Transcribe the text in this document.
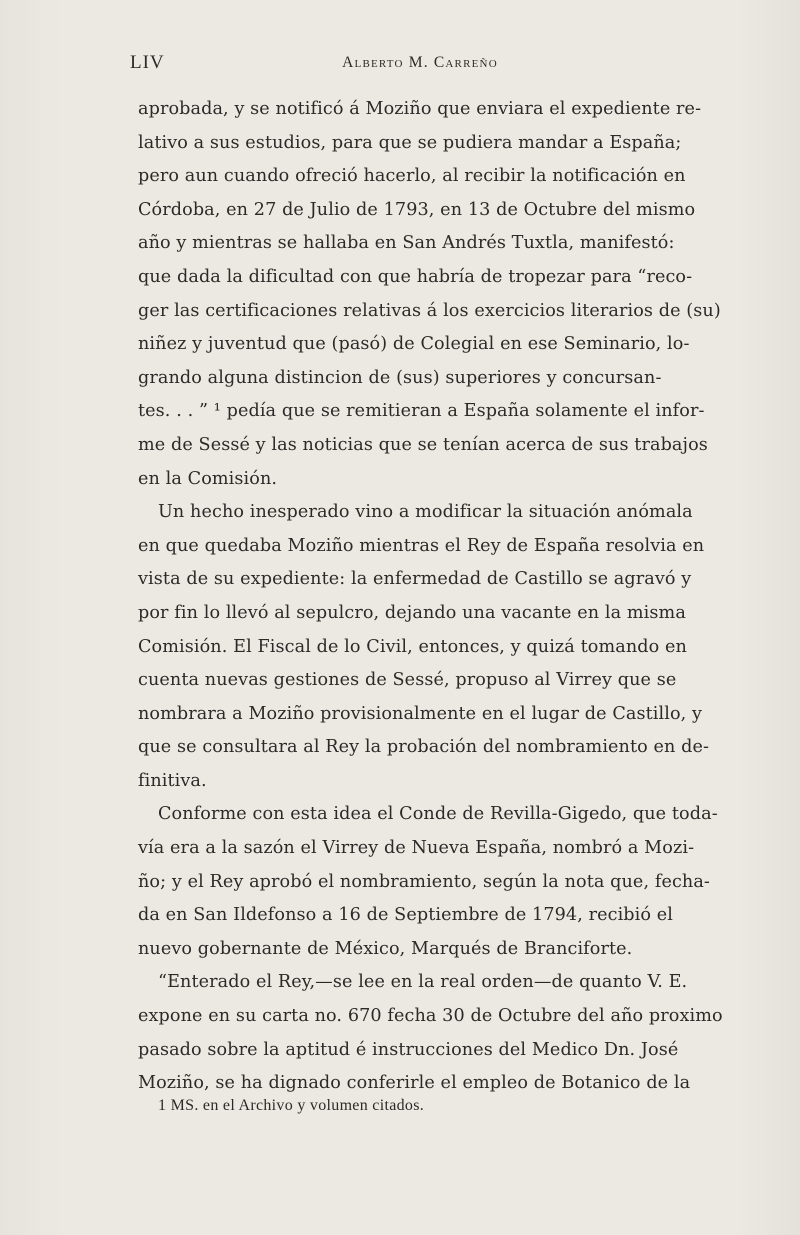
LIV	Alberto M. Carreño
aprobada, y se notificó á Moziño que enviara el expediente re-
lativo a sus estudios, para que se pudiera mandar a España;
pero aun cuando ofreció hacerlo, al recibir la notificación en
Córdoba, en 27 de Julio de 1793, en 13 de Octubre del mismo
año y mientras se hallaba en San Andrés Tuxtla, manifestó:
que dada la dificultad con que habría de tropezar para “reco-
ger las certificaciones relativas á los exercicios literarios de (su)
niñez y juventud que (pasó) de Colegial en ese Seminario, lo-
grando alguna distincion de (sus) superiores y concursan-
tes. . . ” ¹ pedía que se remitieran a España solamente el infor-
me de Sessé y las noticias que se tenían acerca de sus trabajos
en la Comisión.
Un hecho inesperado vino a modificar la situación anómala
en que quedaba Moziño mientras el Rey de España resolvia en
vista de su expediente: la enfermedad de Castillo se agravó y
por fin lo llevó al sepulcro, dejando una vacante en la misma
Comisión. El Fiscal de lo Civil, entonces, y quizá tomando en
cuenta nuevas gestiones de Sessé, propuso al Virrey que se
nombrara a Moziño provisionalmente en el lugar de Castillo, y
que se consultara al Rey la probación del nombramiento en de-
finitiva.
Conforme con esta idea el Conde de Revilla-Gigedo, que toda-
vía era a la sazón el Virrey de Nueva España, nombró a Mozi-
ño; y el Rey aprobó el nombramiento, según la nota que, fecha-
da en San Ildefonso a 16 de Septiembre de 1794, recibió el
nuevo gobernante de México, Marqués de Branciforte.
“Enterado el Rey,—se lee en la real orden—de quanto V. E.
expone en su carta no. 670 fecha 30 de Octubre del año proximo
pasado sobre la aptitud é instrucciones del Medico Dn. José
Moziño, se ha dignado conferirle el empleo de Botanico de la
1 MS. en el Archivo y volumen citados.
